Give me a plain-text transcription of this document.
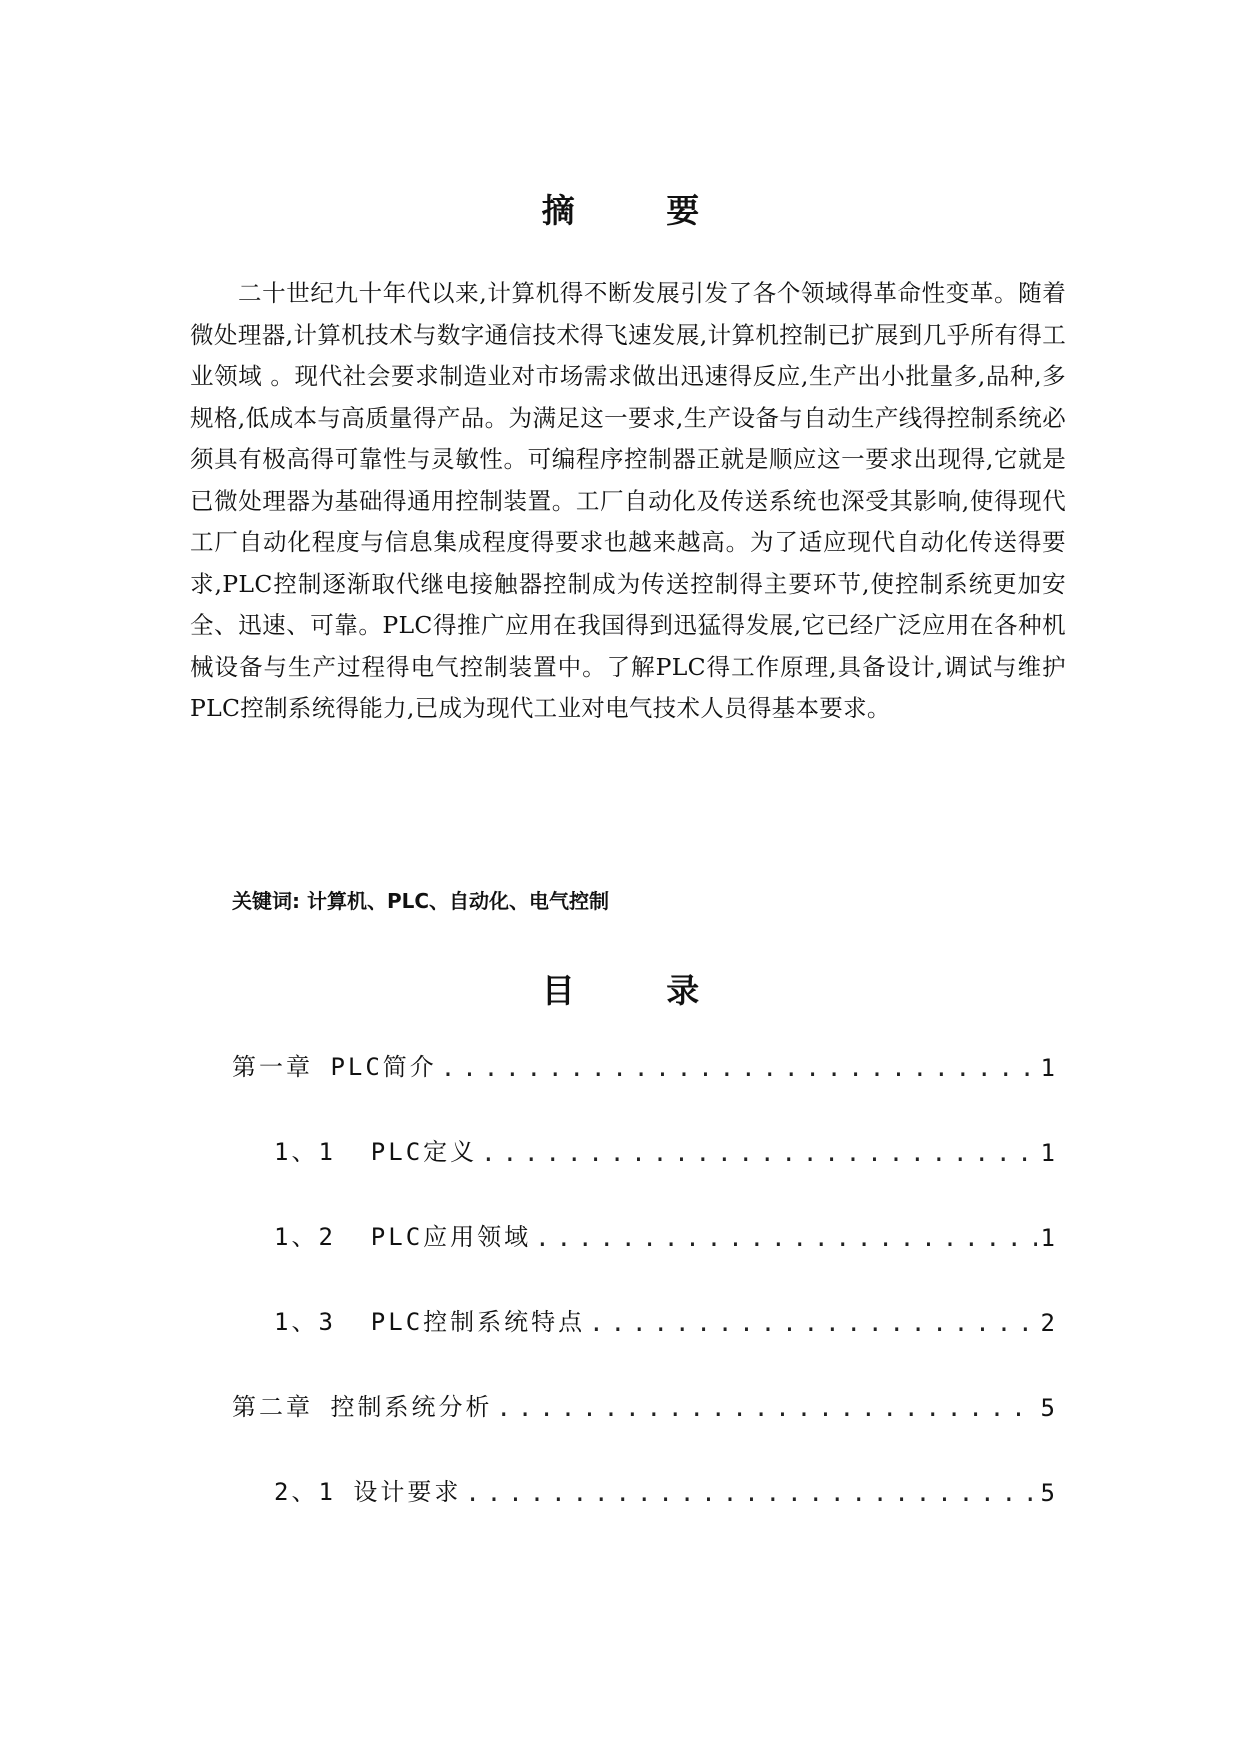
摘 要
二十世纪九十年代以来,计算机得不断发展引发了各个领域得革命性变革。随着微处理器,计算机技术与数字通信技术得飞速发展,计算机控制已扩展到几乎所有得工业领域 。现代社会要求制造业对市场需求做出迅速得反应,生产出小批量多,品种,多规格,低成本与高质量得产品。为满足这一要求,生产设备与自动生产线得控制系统必须具有极高得可靠性与灵敏性。可编程序控制器正就是顺应这一要求出现得,它就是已微处理器为基础得通用控制装置。工厂自动化及传送系统也深受其影响,使得现代工厂自动化程度与信息集成程度得要求也越来越高。为了适应现代自动化传送得要求,PLC控制逐渐取代继电接触器控制成为传送控制得主要环节,使控制系统更加安全、迅速、可靠。PLC得推广应用在我国得到迅猛得发展,它已经广泛应用在各种机械设备与生产过程得电气控制装置中。了解PLC得工作原理,具备设计,调试与维护PLC控制系统得能力,已成为现代工业对电气技术人员得基本要求。
关键词: 计算机、PLC、自动化、电气控制
目 录
第一章 PLC简介 .....	1
1、1  PLC定义 .....	1
1、2  PLC应用领域 .....	1
1、3  PLC控制系统特点 .....	2
第二章 控制系统分析 .....	5
2、1 设计要求 .....	5
